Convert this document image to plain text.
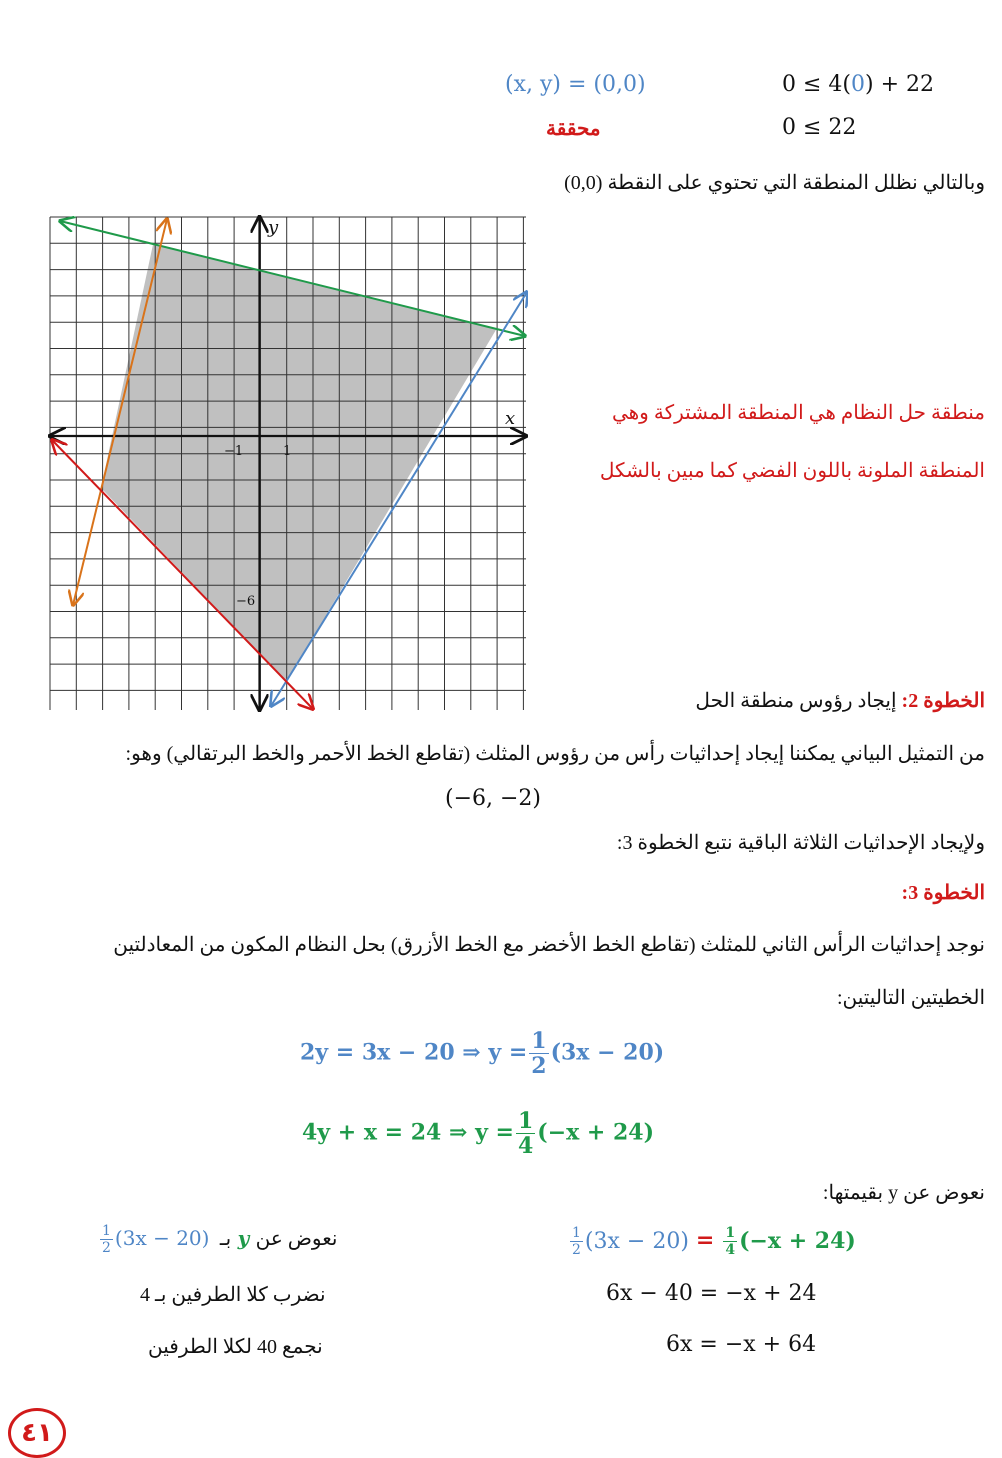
(x, y) = (0,0)	0 ≤ 4(0) + 22
0 ≤ 22
محققة
وبالتالي نظلل المنطقة التي تحتوي على النقطة (0,0)
x
y
−1	1
−6
منطقة حل النظام هي المنطقة المشتركة وهي
المنطقة الملونة باللون الفضي كما مبين بالشكل
الخطوة 2: إيجاد رؤوس منطقة الحل
من التمثيل البياني يمكننا إيجاد إحداثيات رأس من رؤوس المثلث (تقاطع الخط الأحمر والخط البرتقالي) وهو:
(−6, −2)
ولإيجاد الإحداثيات الثلاثة الباقية نتبع الخطوة 3:
الخطوة 3:
نوجد إحداثيات الرأس الثاني للمثلث (تقاطع الخط الأخضر مع الخط الأزرق) بحل النظام المكون من المعادلتين
الخطيتين التاليتين:
2y = 3x − 20 ⇒ $y = \frac{1}{2} (3x - 20)$
4y + x = 24 ⇒ $y = \frac{1}{4} (-x + 24)$
نعوض عن y بقيمتها:
$\frac{1}{2} (3x - 20) = \frac{1}{4} (-x + 24)$
6x − 40 = −x + 24
6x = −x + 64
$\frac{1}{2} (3x - 20)$ بـ y نعوض عن
نضرب كلا الطرفين بـ 4
نجمع 40 لكلا الطرفين
٤١
